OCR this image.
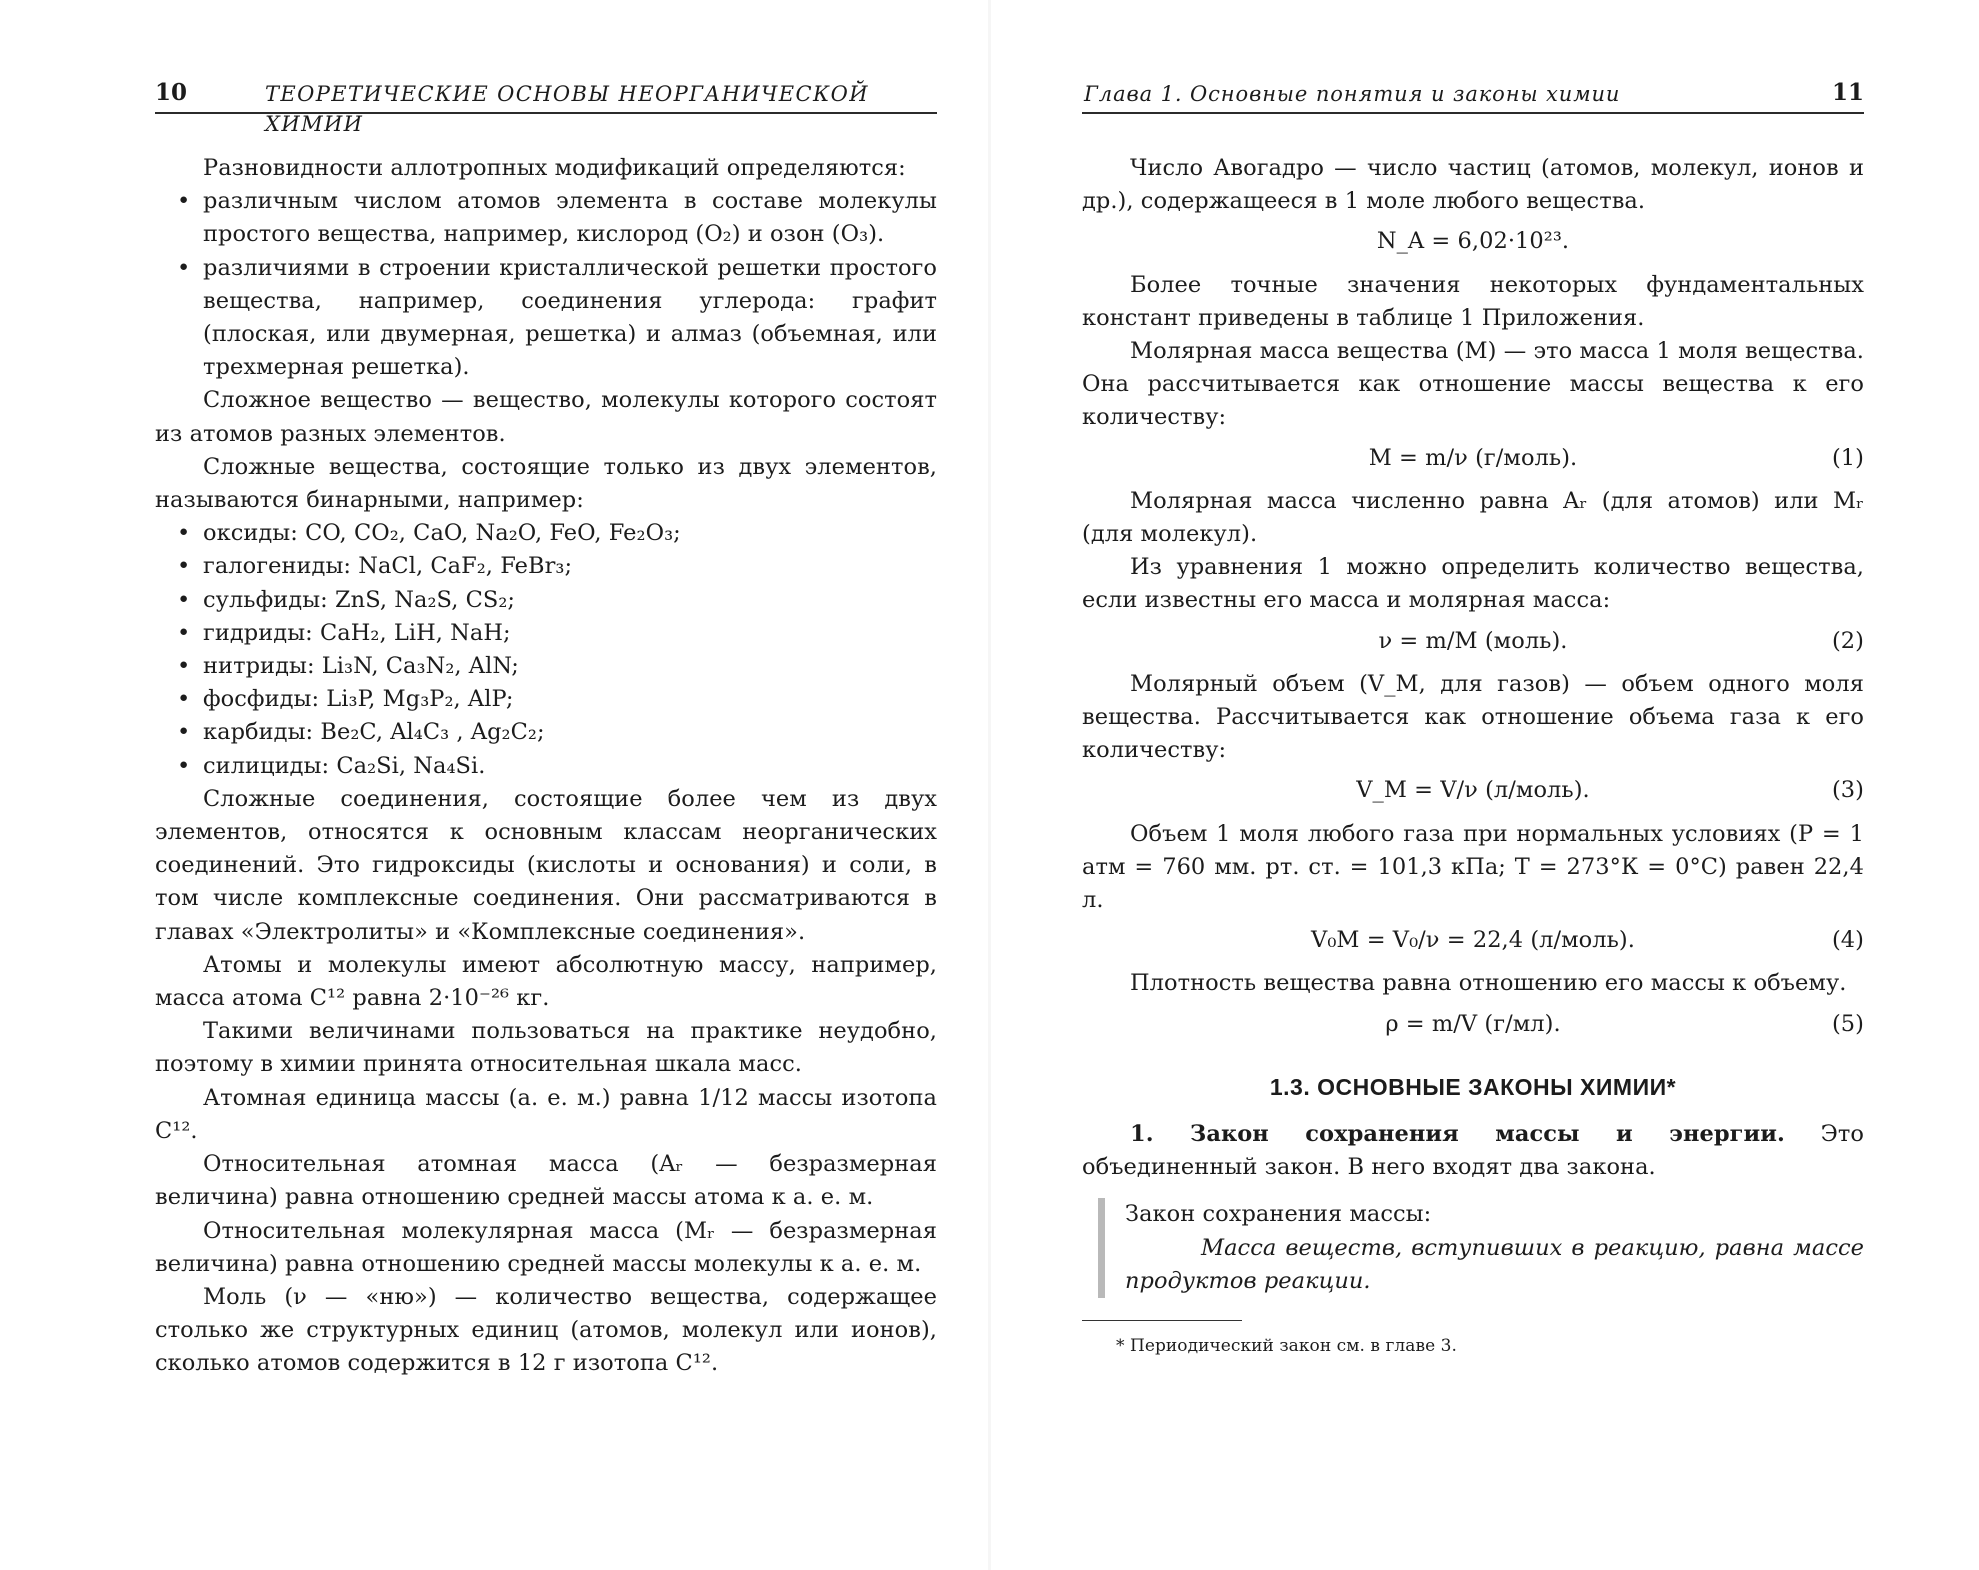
10	ТЕОРЕТИЧЕСКИЕ ОСНОВЫ НЕОРГАНИЧЕСКОЙ ХИМИИ

Разновидности аллотропных модификаций определяются:

• различным числом атомов элемента в составе молекулы простого вещества, например, кислород (O₂) и озон (O₃).
• различиями в строении кристаллической решетки простого вещества, например, соединения углерода: графит (плоская, или двумерная, решетка) и алмаз (объемная, или трехмерная решетка).

Сложное вещество — вещество, молекулы которого состоят из атомов разных элементов.

Сложные вещества, состоящие только из двух элементов, называются бинарными, например:

• оксиды: CO, CO₂, CaO, Na₂O, FeO, Fe₂O₃;
• галогениды: NaCl, CaF₂, FeBr₃;
• сульфиды: ZnS, Na₂S, CS₂;
• гидриды: CaH₂, LiH, NaH;
• нитриды: Li₃N, Ca₃N₂, AlN;
• фосфиды: Li₃P, Mg₃P₂, AlP;
• карбиды: Be₂C, Al₄C₃ , Ag₂C₂;
• силициды: Ca₂Si, Na₄Si.

Сложные соединения, состоящие более чем из двух элементов, относятся к основным классам неорганических соединений. Это гидроксиды (кислоты и основания) и соли, в том числе комплексные соединения. Они рассматриваются в главах «Электролиты» и «Комплексные соединения».

Атомы и молекулы имеют абсолютную массу, например, масса атома C¹² равна 2·10⁻²⁶ кг.

Такими величинами пользоваться на практике неудобно, поэтому в химии принята относительная шкала масс.

Атомная единица массы (а. е. м.) равна 1/12 массы изотопа C¹².

Относительная атомная масса (Aᵣ — безразмерная величина) равна отношению средней массы атома к а. е. м.

Относительная молекулярная масса (Mᵣ — безразмерная величина) равна отношению средней массы молекулы к а. е. м.

Моль (ν — «ню») — количество вещества, содержащее столько же структурных единиц (атомов, молекул или ионов), сколько атомов содержится в 12 г изотопа C¹².

Глава 1. Основные понятия и законы химии	11

Число Авогадро — число частиц (атомов, молекул, ионов и др.), содержащееся в 1 моле любого вещества.

N_A = 6,02·10²³.

Более точные значения некоторых фундаментальных констант приведены в таблице 1 Приложения.

Молярная масса вещества (M) — это масса 1 моля вещества. Она рассчитывается как отношение массы вещества к его количеству:

M = m/ν (г/моль).	(1)

Молярная масса численно равна Aᵣ (для атомов) или Mᵣ (для молекул).

Из уравнения 1 можно определить количество вещества, если известны его масса и молярная масса:

ν = m/M (моль).	(2)

Молярный объем (V_M, для газов) — объем одного моля вещества. Рассчитывается как отношение объема газа к его количеству:

V_M = V/ν (л/моль).	(3)

Объем 1 моля любого газа при нормальных условиях (P = 1 атм = 760 мм. рт. ст. = 101,3 кПа; T = 273°К = 0°С) равен 22,4 л.

V₀M = V₀/ν = 22,4 (л/моль).	(4)

Плотность вещества равна отношению его массы к объему.

ρ = m/V (г/мл).	(5)
1.3. ОСНОВНЫЕ ЗАКОНЫ ХИМИИ*

1. Закон сохранения массы и энергии. Это объединенный закон. В него входят два закона.

Закон сохранения массы:

Масса веществ, вступивших в реакцию, равна массе продуктов реакции.

* Периодический закон см. в главе 3.
